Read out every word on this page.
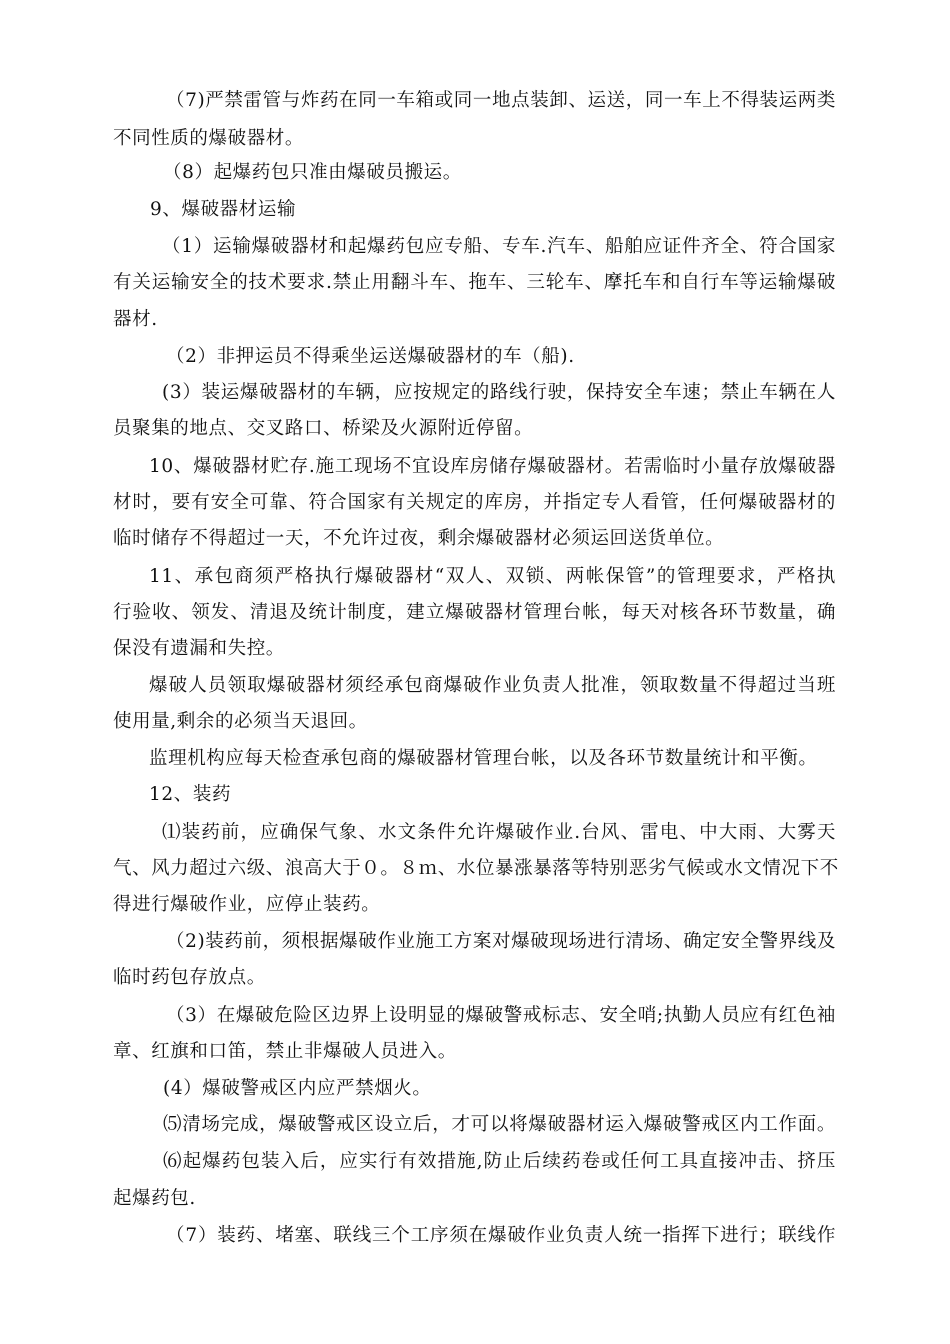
（7)严禁雷管与炸药在同一车箱或同一地点装卸、运送，同一车上不得装运两类
不同性质的爆破器材。
（8）起爆药包只准由爆破员搬运。
9、爆破器材运输
（1）运输爆破器材和起爆药包应专船、专车.汽车、船舶应证件齐全、符合国家
有关运输安全的技术要求.禁止用翻斗车、拖车、三轮车、摩托车和自行车等运输爆破
器材.
（2）非押运员不得乘坐运送爆破器材的车（船).
(3）装运爆破器材的车辆，应按规定的路线行驶，保持安全车速；禁止车辆在人
员聚集的地点、交叉路口、桥梁及火源附近停留。
10、爆破器材贮存.施工现场不宜设库房储存爆破器材。若需临时小量存放爆破器
材时，要有安全可靠、符合国家有关规定的库房，并指定专人看管，任何爆破器材的
临时储存不得超过一天，不允许过夜，剩余爆破器材必须运回送货单位。
11、承包商须严格执行爆破器材“双人、双锁、两帐保管”的管理要求，严格执
行验收、领发、清退及统计制度，建立爆破器材管理台帐，每天对核各环节数量，确
保没有遗漏和失控。
爆破人员领取爆破器材须经承包商爆破作业负责人批准，领取数量不得超过当班
使用量,剩余的必须当天退回。
监理机构应每天检查承包商的爆破器材管理台帐，以及各环节数量统计和平衡。
12、装药
⑴装药前，应确保气象、水文条件允许爆破作业.台风、雷电、中大雨、大雾天
气、风力超过六级、浪高大于０。８ｍ、水位暴涨暴落等特别恶劣气候或水文情况下不
得进行爆破作业，应停止装药。
（2)装药前，须根据爆破作业施工方案对爆破现场进行清场、确定安全警界线及
临时药包存放点。
（3）在爆破危险区边界上设明显的爆破警戒标志、安全哨;执勤人员应有红色袖
章、红旗和口笛，禁止非爆破人员进入。
(4）爆破警戒区内应严禁烟火。
⑸清场完成，爆破警戒区设立后，才可以将爆破器材运入爆破警戒区内工作面。
⑹起爆药包装入后，应实行有效措施,防止后续药卷或任何工具直接冲击、挤压
起爆药包.
（7）装药、堵塞、联线三个工序须在爆破作业负责人统一指挥下进行；联线作
